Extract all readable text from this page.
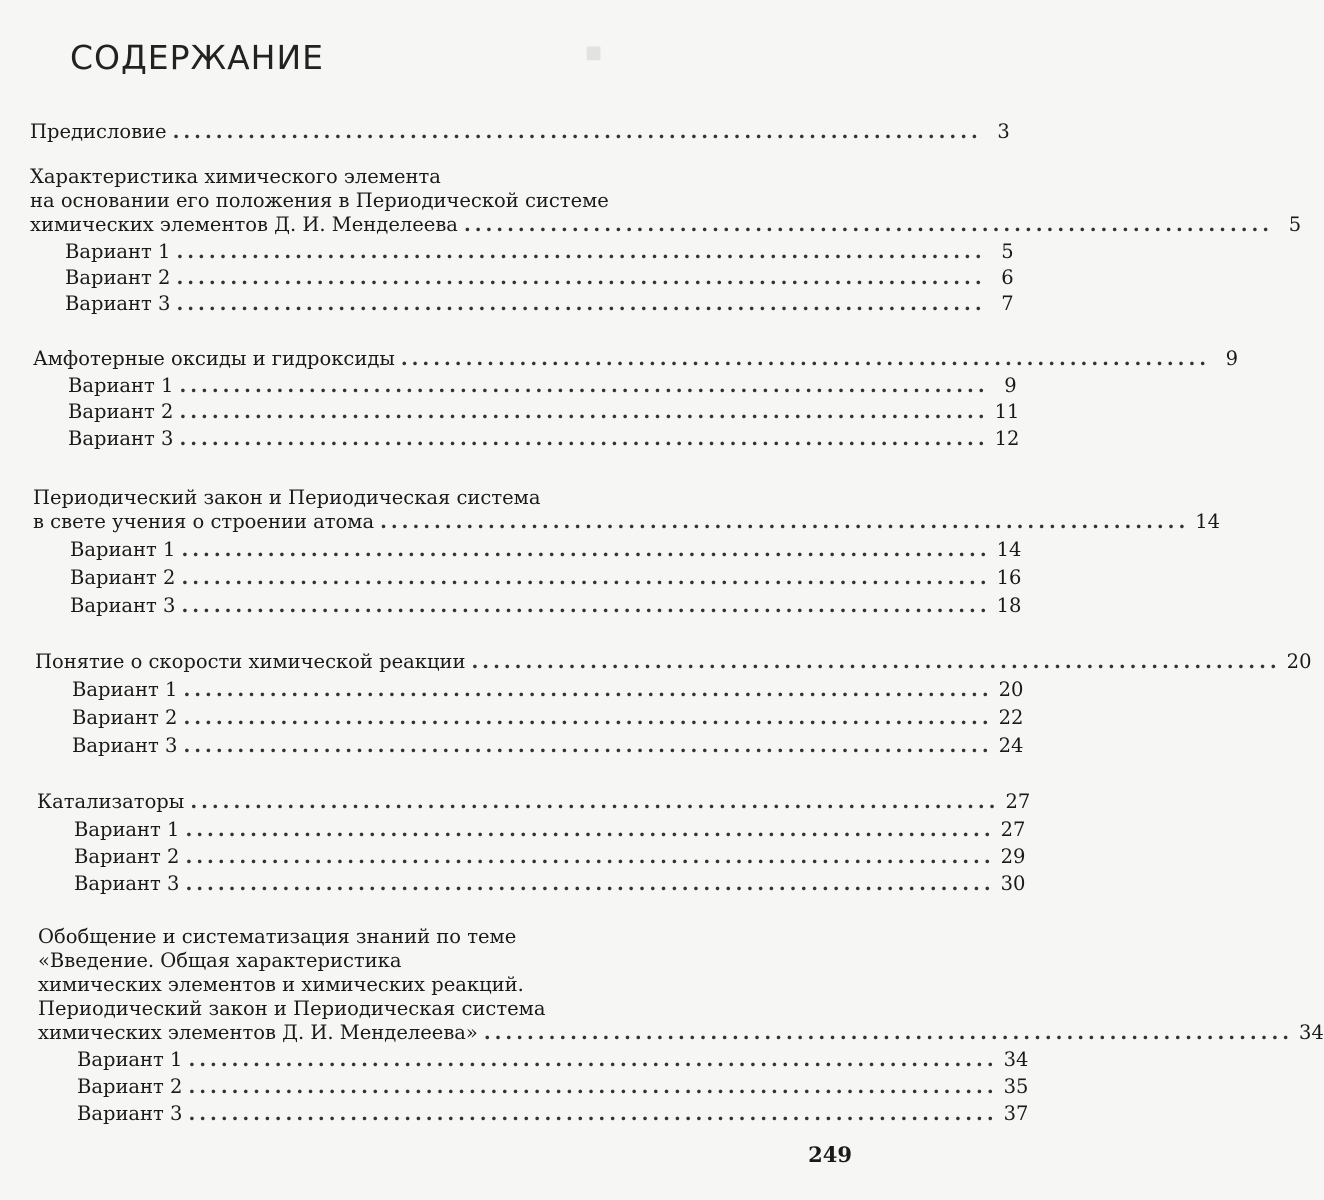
■
СОДЕРЖАНИЕ
Предисловие ........................................................................... 3
Характеристика химического элемента
на основании его положения в Периодической системе
химических элементов Д. И. Менделеева ........................................................................... 5
Вариант 1 ........................................................................... 5
Вариант 2 ........................................................................... 6
Вариант 3 ........................................................................... 7
Амфотерные оксиды и гидроксиды ........................................................................... 9
Вариант 1 ........................................................................... 9
Вариант 2 ........................................................................... 11
Вариант 3 ........................................................................... 12
Периодический закон и Периодическая система
в свете учения о строении атома ........................................................................... 14
Вариант 1 ........................................................................... 14
Вариант 2 ........................................................................... 16
Вариант 3 ........................................................................... 18
Понятие о скорости химической реакции ........................................................................... 20
Вариант 1 ........................................................................... 20
Вариант 2 ........................................................................... 22
Вариант 3 ........................................................................... 24
Катализаторы ........................................................................... 27
Вариант 1 ........................................................................... 27
Вариант 2 ........................................................................... 29
Вариант 3 ........................................................................... 30
Обобщение и систематизация знаний по теме
«Введение. Общая характеристика
химических элементов и химических реакций.
Периодический закон и Периодическая система
химических элементов Д. И. Менделеева» ........................................................................... 34
Вариант 1 ........................................................................... 34
Вариант 2 ........................................................................... 35
Вариант 3 ........................................................................... 37
249
